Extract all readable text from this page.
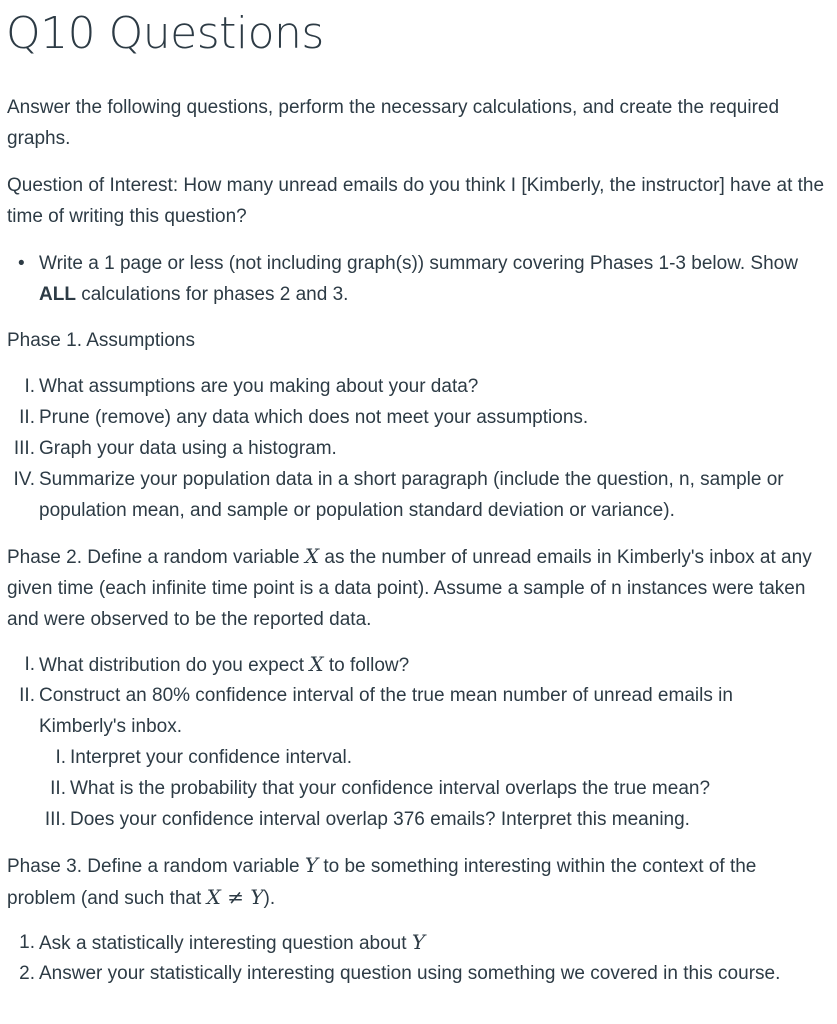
Q10 Questions
Answer the following questions, perform the necessary calculations, and create the required graphs.
Question of Interest: How many unread emails do you think I [Kimberly, the instructor] have at the time of writing this question?
• Write a 1 page or less (not including graph(s)) summary covering Phases 1-3 below. Show ALL calculations for phases 2 and 3.
Phase 1. Assumptions
I. What assumptions are you making about your data?
II. Prune (remove) any data which does not meet your assumptions.
III. Graph your data using a histogram.
IV. Summarize your population data in a short paragraph (include the question, n, sample or population mean, and sample or population standard deviation or variance).
Phase 2. Define a random variable X as the number of unread emails in Kimberly's inbox at any given time (each infinite time point is a data point). Assume a sample of n instances were taken and were observed to be the reported data.
I. What distribution do you expect X to follow?
II. Construct an 80% confidence interval of the true mean number of unread emails in Kimberly's inbox.
I. Interpret your confidence interval.
II. What is the probability that your confidence interval overlaps the true mean?
III. Does your confidence interval overlap 376 emails? Interpret this meaning.
Phase 3. Define a random variable Y to be something interesting within the context of the problem (and such that X ≠ Y).
1. Ask a statistically interesting question about Y
2. Answer your statistically interesting question using something we covered in this course.
